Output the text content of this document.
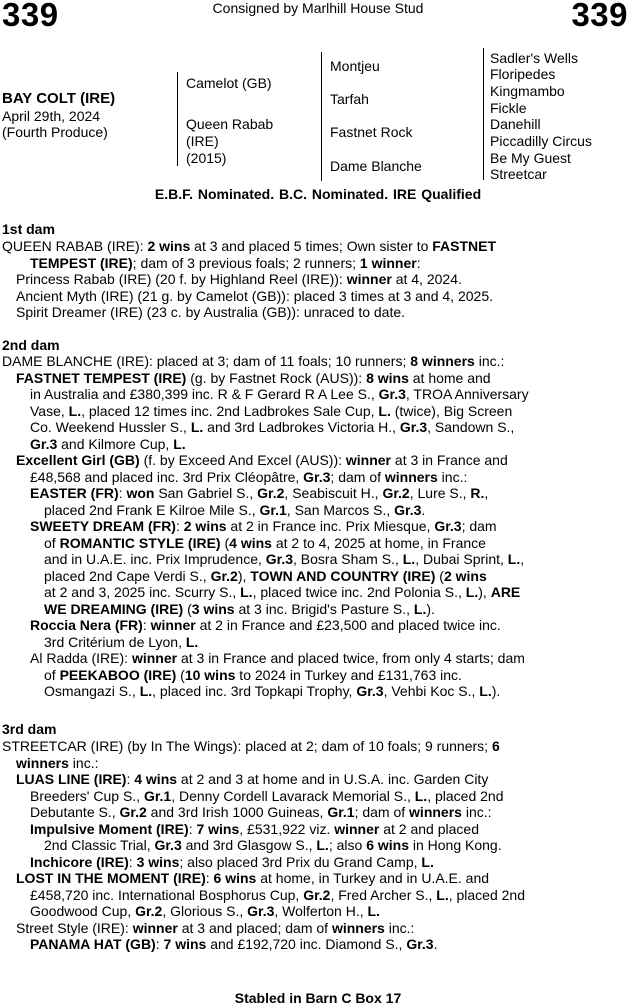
339	Consigned by Marlhill House Stud	339
BAY COLT (IRE)
April 29th, 2024
(Fourth Produce)
Camelot (GB)
Queen Rabab
(IRE)
(2015)
Montjeu
Tarfah
Fastnet Rock
Dame Blanche
Sadler's Wells
Floripedes
Kingmambo
Fickle
Danehill
Piccadilly Circus
Be My Guest
Streetcar
E.B.F. Nominated. B.C. Nominated. IRE Qualified
1st dam
QUEEN RABAB (IRE): 2 wins at 3 and placed 5 times; Own sister to FASTNET
TEMPEST (IRE); dam of 3 previous foals; 2 runners; 1 winner:
Princess Rabab (IRE) (20 f. by Highland Reel (IRE)): winner at 4, 2024.
Ancient Myth (IRE) (21 g. by Camelot (GB)): placed 3 times at 3 and 4, 2025.
Spirit Dreamer (IRE) (23 c. by Australia (GB)): unraced to date.
2nd dam
DAME BLANCHE (IRE): placed at 3; dam of 11 foals; 10 runners; 8 winners inc.:
FASTNET TEMPEST (IRE) (g. by Fastnet Rock (AUS)): 8 wins at home and
in Australia and £380,399 inc. R & F Gerard R A Lee S., Gr.3, TROA Anniversary
Vase, L., placed 12 times inc. 2nd Ladbrokes Sale Cup, L. (twice), Big Screen
Co. Weekend Hussler S., L. and 3rd Ladbrokes Victoria H., Gr.3, Sandown S.,
Gr.3 and Kilmore Cup, L.
Excellent Girl (GB) (f. by Exceed And Excel (AUS)): winner at 3 in France and
£48,568 and placed inc. 3rd Prix Cléopâtre, Gr.3; dam of winners inc.:
EASTER (FR): won San Gabriel S., Gr.2, Seabiscuit H., Gr.2, Lure S., R.,
placed 2nd Frank E Kilroe Mile S., Gr.1, San Marcos S., Gr.3.
SWEETY DREAM (FR): 2 wins at 2 in France inc. Prix Miesque, Gr.3; dam
of ROMANTIC STYLE (IRE) (4 wins at 2 to 4, 2025 at home, in France
and in U.A.E. inc. Prix Imprudence, Gr.3, Bosra Sham S., L., Dubai Sprint, L.,
placed 2nd Cape Verdi S., Gr.2), TOWN AND COUNTRY (IRE) (2 wins
at 2 and 3, 2025 inc. Scurry S., L., placed twice inc. 2nd Polonia S., L.), ARE
WE DREAMING (IRE) (3 wins at 3 inc. Brigid's Pasture S., L.).
Roccia Nera (FR): winner at 2 in France and £23,500 and placed twice inc.
3rd Critérium de Lyon, L.
Al Radda (IRE): winner at 3 in France and placed twice, from only 4 starts; dam
of PEEKABOO (IRE) (10 wins to 2024 in Turkey and £131,763 inc.
Osmangazi S., L., placed inc. 3rd Topkapi Trophy, Gr.3, Vehbi Koc S., L.).
3rd dam
STREETCAR (IRE) (by In The Wings): placed at 2; dam of 10 foals; 9 runners; 6
winners inc.:
LUAS LINE (IRE): 4 wins at 2 and 3 at home and in U.S.A. inc. Garden City
Breeders' Cup S., Gr.1, Denny Cordell Lavarack Memorial S., L., placed 2nd
Debutante S., Gr.2 and 3rd Irish 1000 Guineas, Gr.1; dam of winners inc.:
Impulsive Moment (IRE): 7 wins, £531,922 viz. winner at 2 and placed
2nd Classic Trial, Gr.3 and 3rd Glasgow S., L.; also 6 wins in Hong Kong.
Inchicore (IRE): 3 wins; also placed 3rd Prix du Grand Camp, L.
LOST IN THE MOMENT (IRE): 6 wins at home, in Turkey and in U.A.E. and
£458,720 inc. International Bosphorus Cup, Gr.2, Fred Archer S., L., placed 2nd
Goodwood Cup, Gr.2, Glorious S., Gr.3, Wolferton H., L.
Street Style (IRE): winner at 3 and placed; dam of winners inc.:
PANAMA HAT (GB): 7 wins and £192,720 inc. Diamond S., Gr.3.
Stabled in Barn C Box 17
